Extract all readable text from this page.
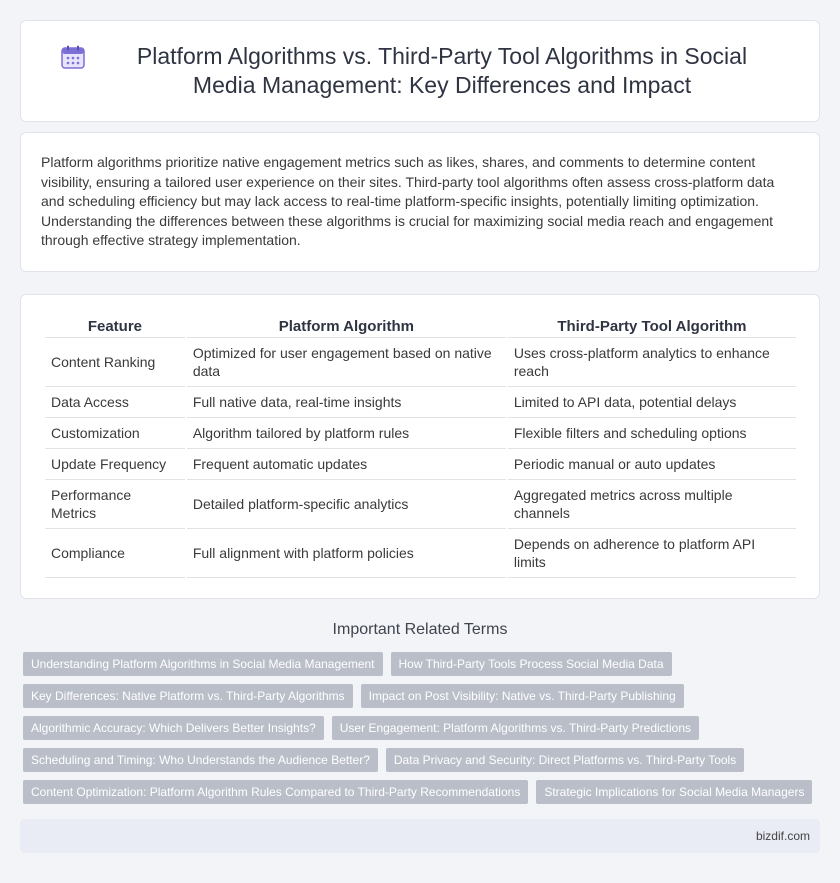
Platform Algorithms vs. Third-Party Tool Algorithms in Social Media Management: Key Differences and Impact

Platform algorithms prioritize native engagement metrics such as likes, shares, and comments to determine content visibility, ensuring a tailored user experience on their sites. Third-party tool algorithms often assess cross-platform data and scheduling efficiency but may lack access to real-time platform-specific insights, potentially limiting optimization. Understanding the differences between these algorithms is crucial for maximizing social media reach and engagement through effective strategy implementation.

Feature	Platform Algorithm	Third-Party Tool Algorithm
Content Ranking	Optimized for user engagement based on native data	Uses cross-platform analytics to enhance reach
Data Access	Full native data, real-time insights	Limited to API data, potential delays
Customization	Algorithm tailored by platform rules	Flexible filters and scheduling options
Update Frequency	Frequent automatic updates	Periodic manual or auto updates
Performance Metrics	Detailed platform-specific analytics	Aggregated metrics across multiple channels
Compliance	Full alignment with platform policies	Depends on adherence to platform API limits
Important Related Terms
Understanding Platform Algorithms in Social Media Management	How Third-Party Tools Process Social Media Data
Key Differences: Native Platform vs. Third-Party Algorithms	Impact on Post Visibility: Native vs. Third-Party Publishing
Algorithmic Accuracy: Which Delivers Better Insights?	User Engagement: Platform Algorithms vs. Third-Party Predictions
Scheduling and Timing: Who Understands the Audience Better?	Data Privacy and Security: Direct Platforms vs. Third-Party Tools
Content Optimization: Platform Algorithm Rules Compared to Third-Party Recommendations	Strategic Implications for Social Media Managers
bizdif.com
